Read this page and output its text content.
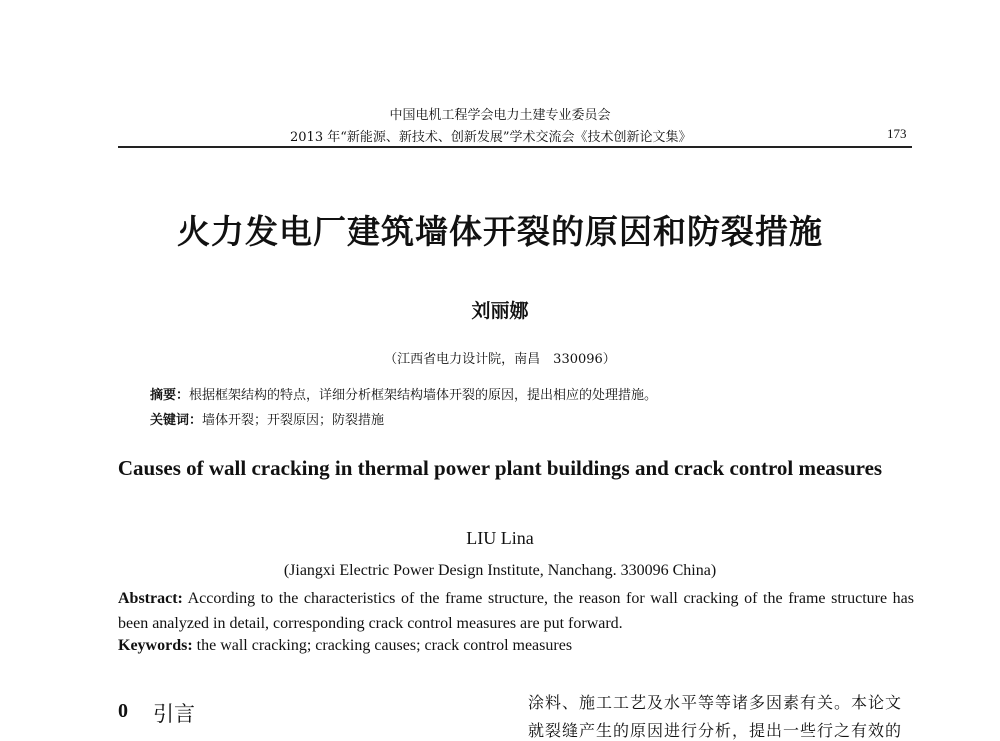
中国电机工程学会电力土建专业委员会
2013 年“新能源、新技术、创新发展”学术交流会《技术创新论文集》	173
火力发电厂建筑墙体开裂的原因和防裂措施
刘丽娜
（江西省电力设计院，南昌　330096）
摘要：根据框架结构的特点，详细分析框架结构墙体开裂的原因，提出相应的处理措施。
关键词：墙体开裂；开裂原因；防裂措施
Causes of wall cracking in thermal power plant buildings and crack control measures
LIU Lina
(Jiangxi Electric Power Design Institute, Nanchang. 330096 China)
Abstract: According to the characteristics of the frame structure, the reason for wall cracking of the frame structure has been analyzed in detail, corresponding crack control measures are put forward.
Keywords: the wall cracking; cracking causes; crack control measures
0 引言	涂料、施工工艺及水平等等诸多因素有关。本论文
就裂缝产生的原因进行分析，提出一些行之有效的
